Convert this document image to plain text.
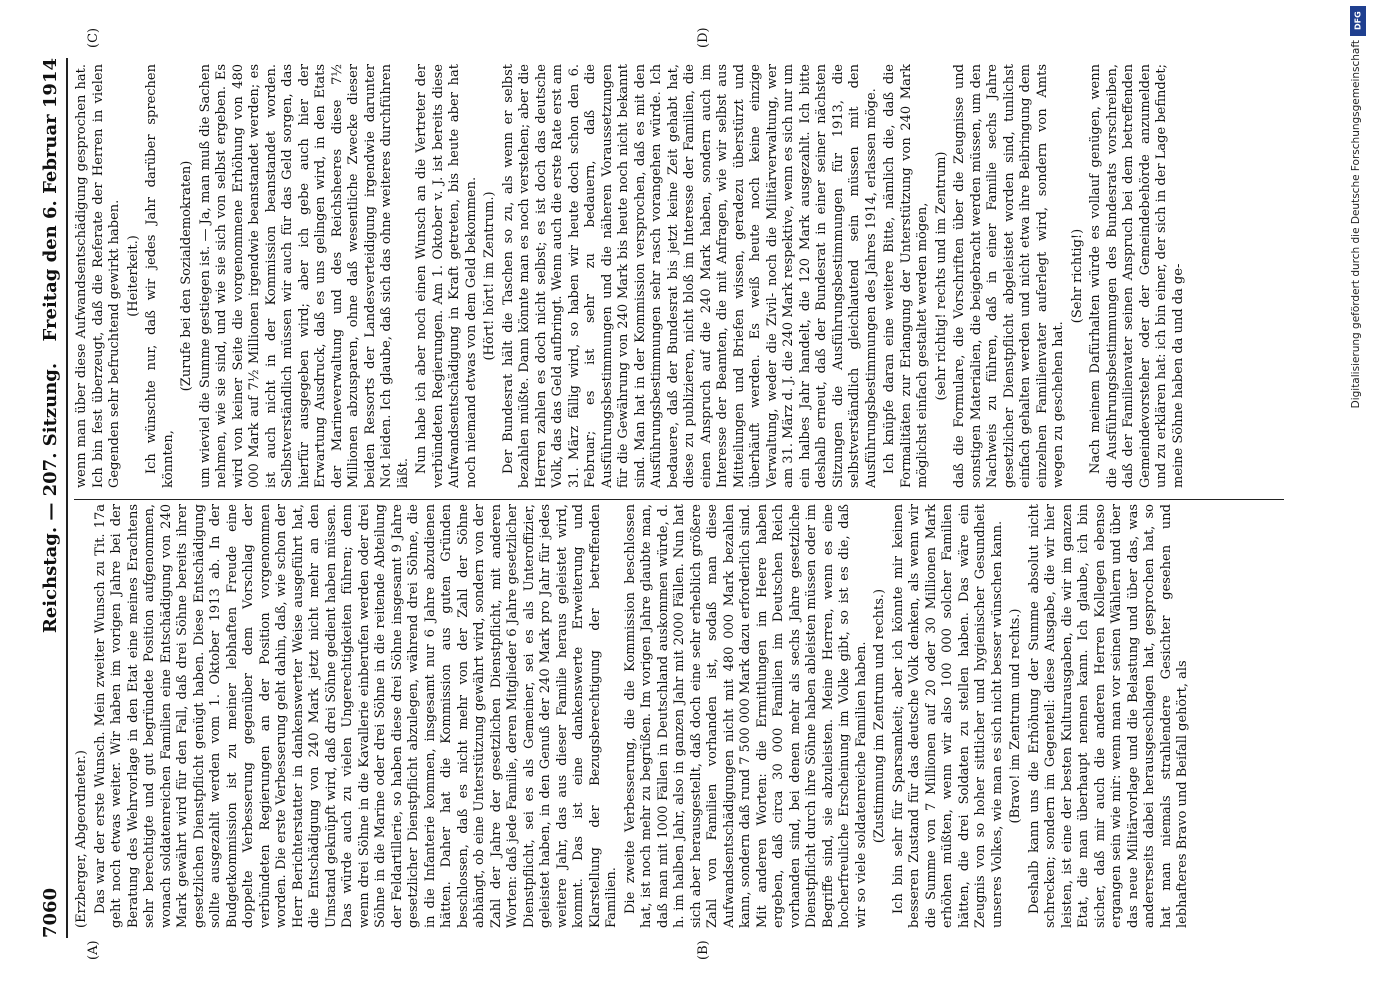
7060
Reichstag. — 207. Sitzung.
Freitag den 6. Februar 1914
(A)	(B)
(C)	(D)

(Erzberger, Abgeordneter.) Das war der erste Wunsch. Mein zweiter Wunsch zu Tit. 17a geht noch etwas weiter. Wir haben im vorigen Jahre bei der Beratung des Wehrvorlage in den Etat eine meines Erachtens sehr berechtigte und gut begründete Position aufgenommen, wonach soldatenreichen Familien eine Entschädigung von 240 Mark gewährt wird für den Fall, daß drei Söhne bereits ihrer gesetzlichen Dienstpflicht genügt haben. Diese Entschädigung sollte ausgezahlt werden vom 1. Oktober 1913 ab. In der Budgetkommission ist zu meiner lebhaften Freude eine doppelte Verbesserung gegenüber dem Vorschlag der verbündeten Regierungen an der Position vorgenommen worden. Die erste Verbesserung geht dahin, daß, wie schon der Herr Berichterstatter in dankenswerter Weise ausgeführt hat, die Entschädigung von 240 Mark jetzt nicht mehr an den Umstand geknüpft wird, daß drei Söhne gedient haben müssen. Das würde auch zu vielen Ungerechtigkeiten führen; denn wenn drei Söhne in die Kavallerie einberufen werden oder drei Söhne in die Marine oder drei Söhne in die reitende Abteilung der Feldartillerie, so haben diese drei Söhne insgesamt 9 Jahre gesetzlicher Dienstpflicht abzulegen, während drei Söhne, die in die Infanterie kommen, insgesamt nur 6 Jahre abzudienen hätten. Daher hat die Kommission aus guten Gründen beschlossen, daß es nicht mehr von der Zahl der Söhne abhängt, ob eine Unterstützung gewährt wird, sondern von der Zahl der Jahre der gesetzlichen Dienstpflicht, mit anderen Worten: daß jede Familie, deren Mitglieder 6 Jahre gesetzlicher Dienstpflicht, sei es als Gemeiner, sei es als Unteroffizier, geleistet haben, in den Genuß der 240 Mark pro Jahr für jedes weitere Jahr, das aus dieser Familie heraus geleistet wird, kommt. Das ist eine dankenswerte Erweiterung und Klarstellung der Bezugsberechtigung der betreffenden Familien. Die zweite Verbesserung, die die Kommission beschlossen hat, ist noch mehr zu begrüßen. Im vorigen Jahre glaubte man, daß man mit 1000 Fällen in Deutschland auskommen würde, d. h. im halben Jahr, also in ganzen Jahr mit 2000 Fällen. Nun hat sich aber herausgestellt, daß doch eine sehr erheblich größere Zahl von Familien vorhanden ist, sodaß man diese Aufwandsentschädigungen nicht mit 480 000 Mark bezahlen kann, sondern daß rund 7 500 000 Mark dazu erforderlich sind. Mit anderen Worten: die Ermittlungen im Heere haben ergeben, daß circa 30 000 Familien im Deutschen Reich vorhanden sind, bei denen mehr als sechs Jahre gesetzliche Dienstpflicht durch ihre Söhne haben ableisten müssen oder im Begriffe sind, sie abzuleisten. Meine Herren, wenn es eine hocherfreuliche Erscheinung im Volke gibt, so ist es die, daß wir so viele soldatenreiche Familien haben. (Zustimmung im Zentrum und rechts.) Ich bin sehr für Sparsamkeit; aber ich könnte mir keinen besseren Zustand für das deutsche Volk denken, als wenn wir die Summe von 7 Millionen auf 20 oder 30 Millionen Mark erhöhen müßten, wenn wir also 100 000 solcher Familien hätten, die drei Soldaten zu stellen haben. Das wäre ein Zeugnis von so hoher sittlicher und hygienischer Gesundheit unseres Volkes, wie man es sich nicht besser wünschen kann. (Bravo! im Zentrum und rechts.) Deshalb kann uns die Erhöhung der Summe absolut nicht schrecken; sondern im Gegenteil: diese Ausgabe, die wir hier leisten, ist eine der besten Kulturausgaben, die wir im ganzen Etat, die man überhaupt nennen kann. Ich glaube, ich bin sicher, daß mir auch die anderen Herren Kollegen ebenso ergangen sein wie mir: wenn man vor seinen Wählern und über das neue Militärvorlage und die Belastung und über das, was andererseits dabei herausgeschlagen hat, gesprochen hat, so hat man niemals strahlendere Gesichter gesehen und lebhafteres Bravo und Beifall gehört, als

wenn man über diese Aufwandsentschädigung gesprochen hat. Ich bin fest überzeugt, daß die Referate der Herren in vielen Gegenden sehr befruchtend gewirkt haben. (Heiterkeit.) Ich wünschte nur, daß wir jedes Jahr darüber sprechen könnten,

(Zurufe bei den Sozialdemokraten) um wieviel die Summe gestiegen ist. — Ja, man muß die Sachen nehmen, wie sie sind, und wie sie sich von selbst ergeben. Es wird von keiner Seite die vorgenommene Erhöhung von 480 000 Mark auf 7½ Millionen irgendwie beanstandet werden; es ist auch nicht in der Kommission beanstandet worden. Selbstverständlich müssen wir auch für das Geld sorgen, das hierfür ausgegeben wird; aber ich gebe auch hier der Erwartung Ausdruck, daß es uns gelingen wird, in den Etats der Marineverwaltung und des Reichsheeres diese 7½ Millionen abzusparen, ohne daß wesentliche Zwecke dieser beiden Ressorts der Landesverteidigung irgendwie darunter Not leiden. Ich glaube, daß sich das ohne weiteres durchführen läßt. Nun habe ich aber noch einen Wunsch an die Vertreter der verbündeten Regierungen. Am 1. Oktober v. J. ist bereits diese Aufwandsentschädigung in Kraft getreten, bis heute aber hat noch niemand etwas von dem Geld bekommen. (Hört! hört! im Zentrum.) Der Bundesrat hält die Taschen so zu, als wenn er selbst bezahlen müßte. Dann könnte man es noch verstehen; aber die Herren zahlen es doch nicht selbst; es ist doch das deutsche Volk, das das Geld aufbringt. Wenn auch die erste Rate erst am 31. März fällig wird, so haben wir heute doch schon den 6. Februar; es ist sehr zu bedauern, daß die Ausführungsbestimmungen und die näheren Voraussetzungen für die Gewährung von 240 Mark bis heute noch nicht bekannt sind. Man hat in der Kommission versprochen, daß es mit den Ausführungsbestimmungen sehr rasch vorangehen würde. Ich bedauere, daß der Bundesrat bis jetzt keine Zeit gehabt hat, diese zu publizieren, nicht bloß im Interesse der Familien, die einen Anspruch auf die 240 Mark haben, sondern auch im Interesse der Beamten, die mit Anfragen, wie wir selbst aus Mitteilungen und Briefen wissen, geradezu überstürzt und überhäuft werden. Es weiß heute noch keine einzige Verwaltung, weder die Zivil- noch die Militärverwaltung, wer am 31. März d. J. die 240 Mark respektive, wenn es sich nur um ein halbes Jahr handelt, die 120 Mark ausgezahlt. Ich bitte deshalb erneut, daß der Bundesrat in einer seiner nächsten Sitzungen die Ausführungsbestimmungen für 1913, die selbstverständlich gleichlautend sein müssen mit den Ausführungsbestimmungen des Jahres 1914, erlassen möge. Ich knüpfe daran eine weitere Bitte, nämlich die, daß die Formalitäten zur Erlangung der Unterstützung von 240 Mark möglichst einfach gestaltet werden mögen, (sehr richtig! rechts und im Zentrum) daß die Formulare, die Vorschriften über die Zeugnisse und sonstigen Materialien, die beigebracht werden müssen, um den Nachweis zu führen, daß in einer Familie sechs Jahre gesetzlicher Dienstpflicht abgeleistet worden sind, tunlichst einfach gehalten werden und nicht etwa ihre Beibringung dem einzelnen Familienvater auferlegt wird, sondern von Amts wegen zu geschehen hat.

(Sehr richtig!) Nach meinem Dafürhalten würde es vollauf genügen, wenn die Ausführungsbestimmungen des Bundesrats vorschreiben, daß der Familienvater seinen Anspruch bei dem betreffenden Gemeindevorsteher oder der Gemeindebehörde anzumelden und zu erklären hat: ich bin einer, der sich in der Lage befindet; meine Söhne haben da und da ge-

DFG
Digitalisierung gefördert durch die Deutsche Forschungsgemeinschaft
